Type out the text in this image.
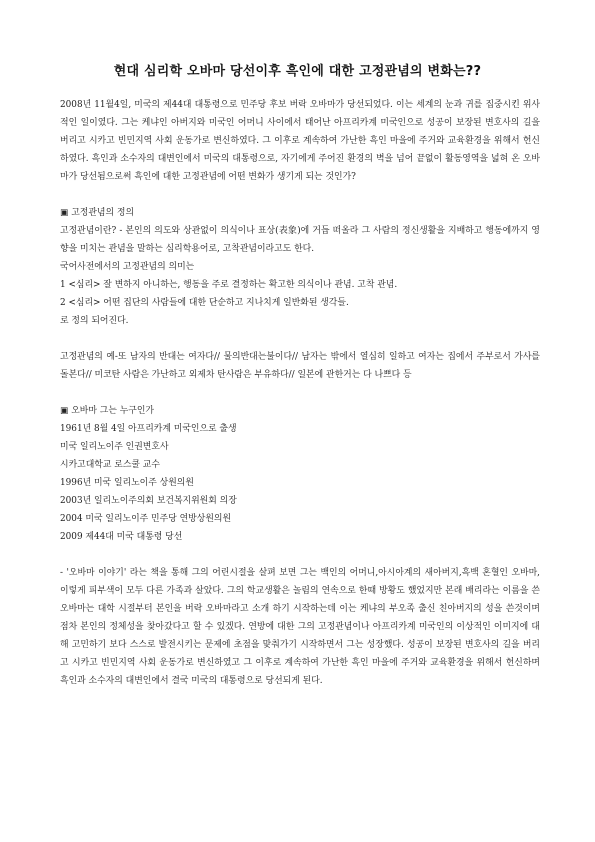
현대 심리학 오바마 당선이후 흑인에 대한 고정관념의 변화는??

2008년 11월4일, 미국의 제44대 대통령으로 민주당 후보 버락 오바마가 당선되었다. 이는 세계의 눈과 귀를 집중시킨 위사적인 일이였다. 그는 케냐인 아버지와 미국인 어머니 사이에서 태어난 아프리카계 미국인으로 성공이 보장된 변호사의 길을 버리고 시카고 빈민지역 사회 운동가로 변신하였다. 그 이후로 계속하여 가난한 흑인 마을에 주거와 교육환경을 위해서 헌신하였다. 흑인과 소수자의 대변인에서 미국의 대통령으로, 자기에게 주어진 환경의 벽을 넘어 끝없이 활동영역을 넓혀 온 오바마가 당선됨으로써 흑인에 대한 고정관념에 어떤 변화가 생기게 되는 것인가?

▣ 고정관념의 정의

고정관념이란? - 본인의 의도와 상관없이 의식이나 표상(表象)에 거듭 떠올라 그 사람의 정신생활을 지배하고 행동에까지 영향을 미치는 관념을 말하는 심리학용어로, 고착관념이라고도 한다.

국어사전에서의 고정관념의 의미는

1 <심리> 잘 변하지 아니하는, 행동을 주로 결정하는 확고한 의식이나 관념. 고착 관념.

2 <심리> 어떤 집단의 사람들에 대한 단순하고 지나치게 일반화된 생각들.

로 정의 되어진다.

고정관념의 예-또 남자의 반대는 여자다// 물의반대는불이다// 남자는 밖에서 열심히 일하고 여자는 집에서 주부로서 가사를 돌본다// 미코탄 사람은 가난하고 외제차 탄사람은 부유하다// 일본에 관한거는 다 나쁘다 등

▣ 오바마 그는 누구인가

1961년 8월 4일 아프리카계 미국인으로 출생

미국 일리노이주 인권변호사

시카고대학교 로스쿨 교수

1996년 미국 일리노이주 상원의원

2003년 일리노이주의회 보건복지위원회 의장

2004 미국 일리노이주 민주당 연방상원의원

2009 제44대 미국 대통령 당선

- '오바마 이야기' 라는 책을 통해 그의 어린시절을 살펴 보면 그는 백인의 어머니,아시아계의 새아버지,흑백 혼혈인 오바마, 이렇게 피부색이 모두 다른 가족과 살았다. 그의 학교생활은 놀림의 연속으로 한때 방황도 했었지만 본래 배리라는 이름을 쓴 오바마는 대학 시절부터 본인을 버락 오바마라고 소개 하기 시작하는데 이는 케냐의 부오족 출신 친아버지의 성을 쓴것이며 점차 본인의 정체성을 찾아갔다고 할 수 있겠다. 연방에 대한 그의 고정관념이나 아프리카계 미국인의 이상적인 이미지에 대해 고민하기 보다 스스로 발전시키는 문제에 초점을 맞춰가기 시작하면서 그는 성장했다. 성공이 보장된 변호사의 길을 버리고 시카고 빈민지역 사회 운동가로 변신하였고 그 이후로 계속하여 가난한 흑인 마을에 주거와 교육환경을 위해서 헌신하며 흑인과 소수자의 대변인에서 결국 미국의 대통령으로 당선되게 된다.
